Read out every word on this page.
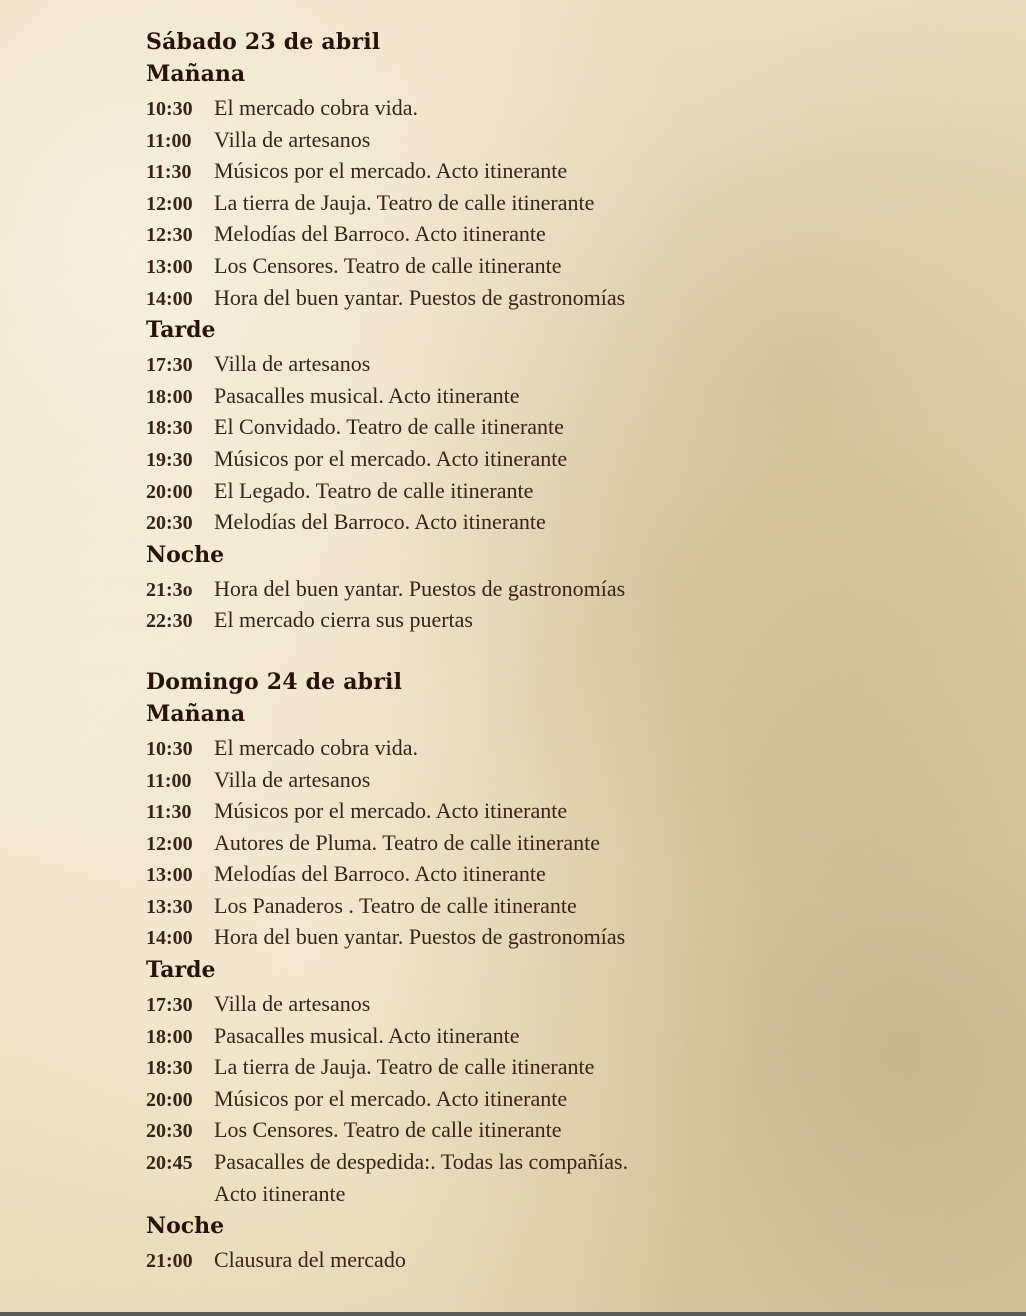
Sábado 23 de abril
Mañana
10:30 El mercado cobra vida.
11:00	Villa de artesanos
11:30	Músicos por el mercado. Acto itinerante
12:00 La tierra de Jauja. Teatro de calle itinerante
12:30 Melodías del Barroco. Acto itinerante
13:00 Los Censores. Teatro de calle itinerante
14:00 Hora del buen yantar. Puestos de gastronomías
Tarde
17:30 Villa de artesanos
18:00 Pasacalles musical. Acto itinerante
18:30 El Convidado. Teatro de calle itinerante
19:30 Músicos por el mercado. Acto itinerante
20:00 El Legado. Teatro de calle itinerante
20:30 Melodías del Barroco. Acto itinerante
Noche
21:3o Hora del buen yantar. Puestos de gastronomías
22:30 El mercado cierra sus puertas
Domingo 24 de abril
Mañana
10:30 El mercado cobra vida.
11:00	Villa de artesanos
11:30	Músicos por el mercado. Acto itinerante
12:00 Autores de Pluma. Teatro de calle itinerante
13:00 Melodías del Barroco. Acto itinerante
13:30 Los Panaderos . Teatro de calle itinerante
14:00 Hora del buen yantar. Puestos de gastronomías
Tarde
17:30 Villa de artesanos
18:00 Pasacalles musical. Acto itinerante
18:30 La tierra de Jauja. Teatro de calle itinerante
20:00 Músicos por el mercado. Acto itinerante
20:30 Los Censores. Teatro de calle itinerante
20:45 Pasacalles de despedida:. Todas las compañías.
Acto itinerante
Noche
21:00 Clausura del mercado
